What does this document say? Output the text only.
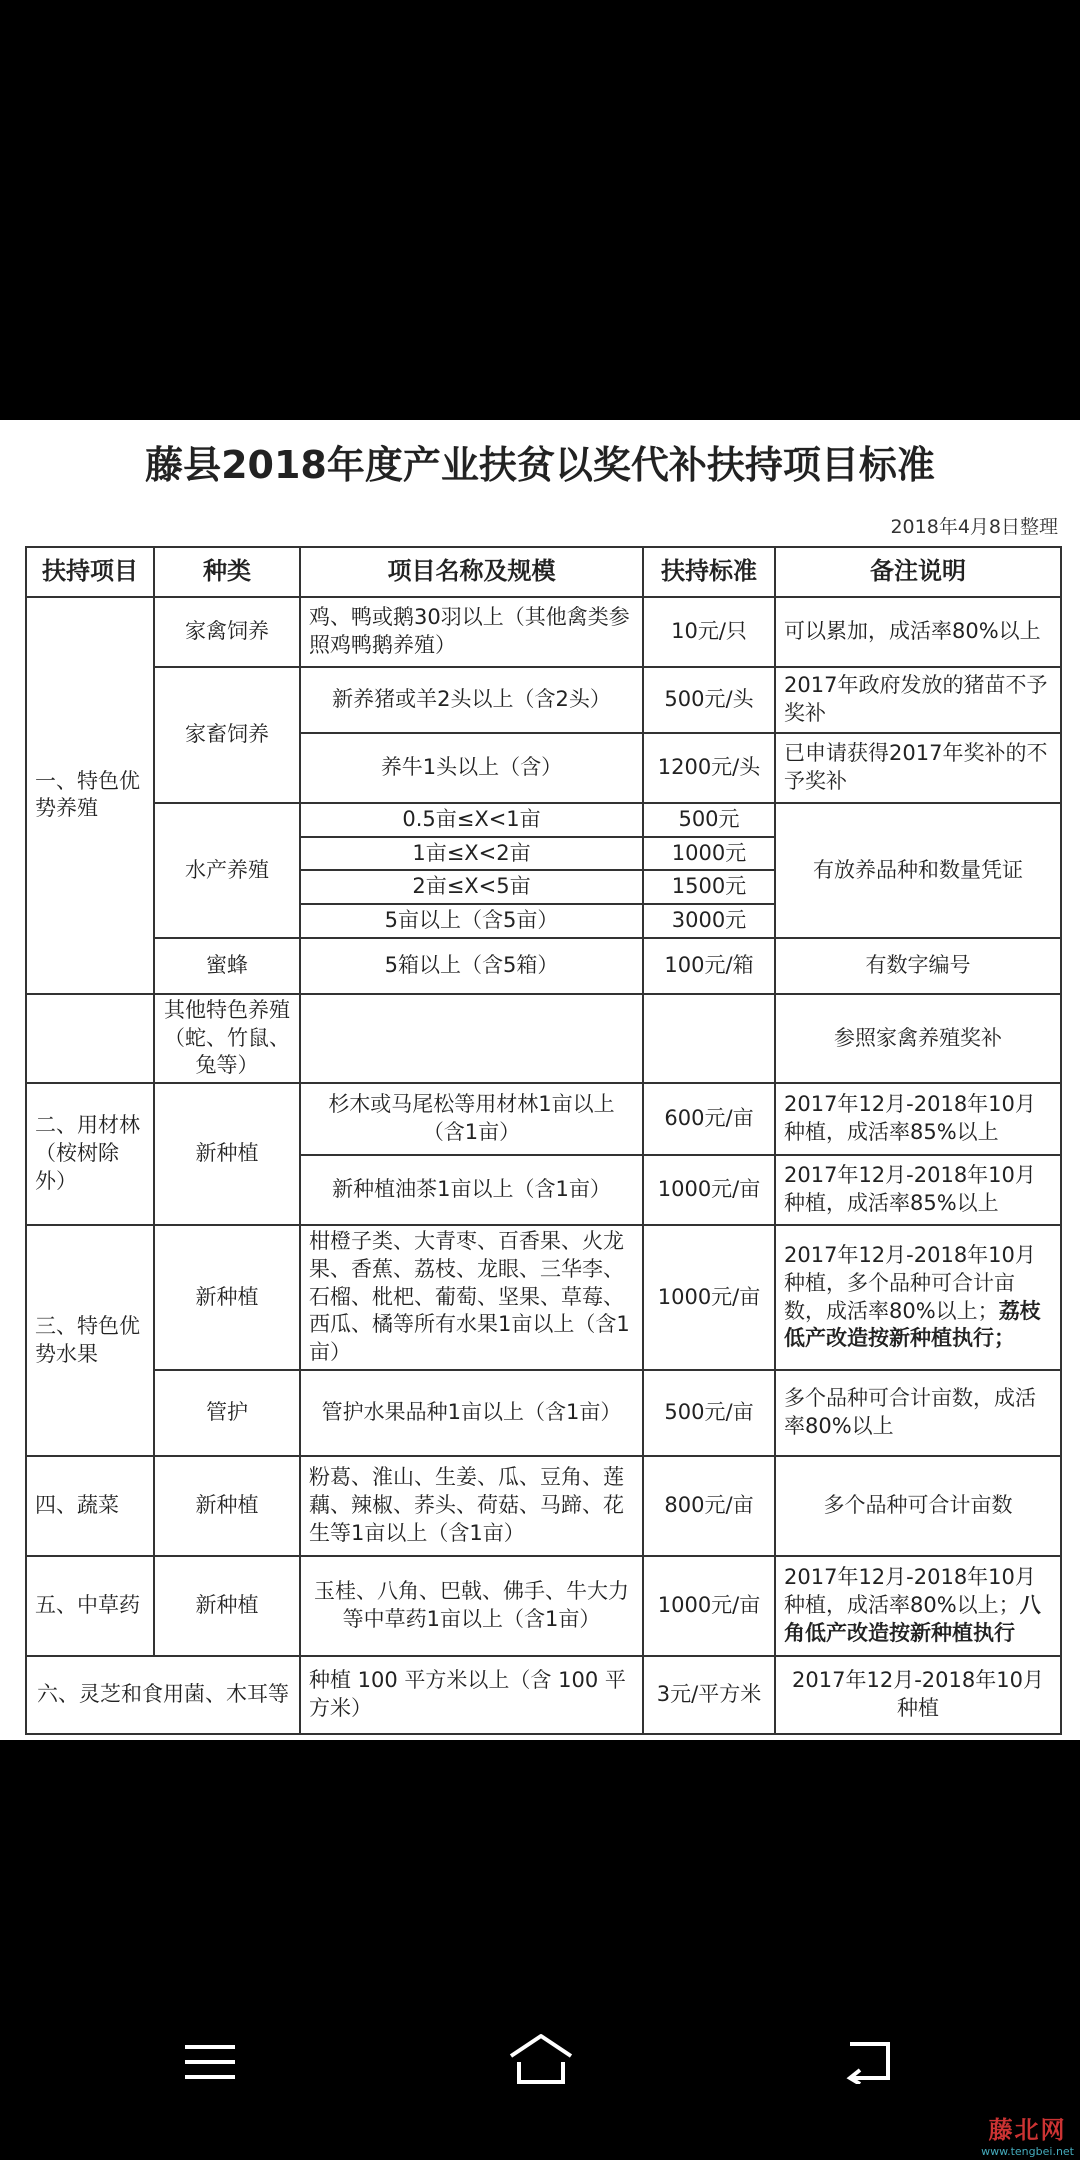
藤县2018年度产业扶贫以奖代补扶持项目标准
2018年4月8日整理
扶持项目	种类	项目名称及规模	扶持标准	备注说明
一、特色优势养殖	家禽饲养	鸡、鸭或鹅30羽以上（其他禽类参照鸡鸭鹅养殖）	10元/只	可以累加，成活率80%以上
	家畜饲养	新养猪或羊2头以上（含2头）	500元/头	2017年政府发放的猪苗不予奖补
		养牛1头以上（含）	1200元/头	已申请获得2017年奖补的不予奖补
	水产养殖	0.5亩≤X<1亩	500元	有放养品种和数量凭证
		1亩≤X<2亩	1000元	
		2亩≤X<5亩	1500元	
		5亩以上（含5亩）	3000元	
	蜜蜂	5箱以上（含5箱）	100元/箱	有数字编号
	其他特色养殖（蛇、竹鼠、兔等）			参照家禽养殖奖补
二、用材林 （桉树除外）	新种植	杉木或马尾松等用材林1亩以上（含1亩）	600元/亩	2017年12月-2018年10月种植，成活率85%以上
		新种植油茶1亩以上（含1亩）	1000元/亩	2017年12月-2018年10月种植，成活率85%以上
三、特色优势水果	新种植	柑橙子类、大青枣、百香果、火龙果、香蕉、荔枝、龙眼、三华李、石榴、枇杷、葡萄、坚果、草莓、西瓜、橘等所有水果1亩以上（含1亩）	1000元/亩	2017年12月-2018年10月种植，多个品种可合计亩数，成活率80%以上；荔枝低产改造按新种植执行；
	管护	管护水果品种1亩以上（含1亩）	500元/亩	多个品种可合计亩数，成活率80%以上
四、蔬菜	新种植	粉葛、淮山、生姜、瓜、豆角、莲藕、辣椒、荞头、荷菇、马蹄、花生等1亩以上（含1亩）	800元/亩	多个品种可合计亩数
五、中草药	新种植	玉桂、八角、巴戟、佛手、牛大力等中草药1亩以上（含1亩）	1000元/亩	2017年12月-2018年10月种植，成活率80%以上；八角低产改造按新种植执行
六、灵芝和食用菌、木耳等		种植 100 平方米以上（含 100 平方米）	3元/平方米	2017年12月-2018年10月种植
藤北网
www.tengbei.net
